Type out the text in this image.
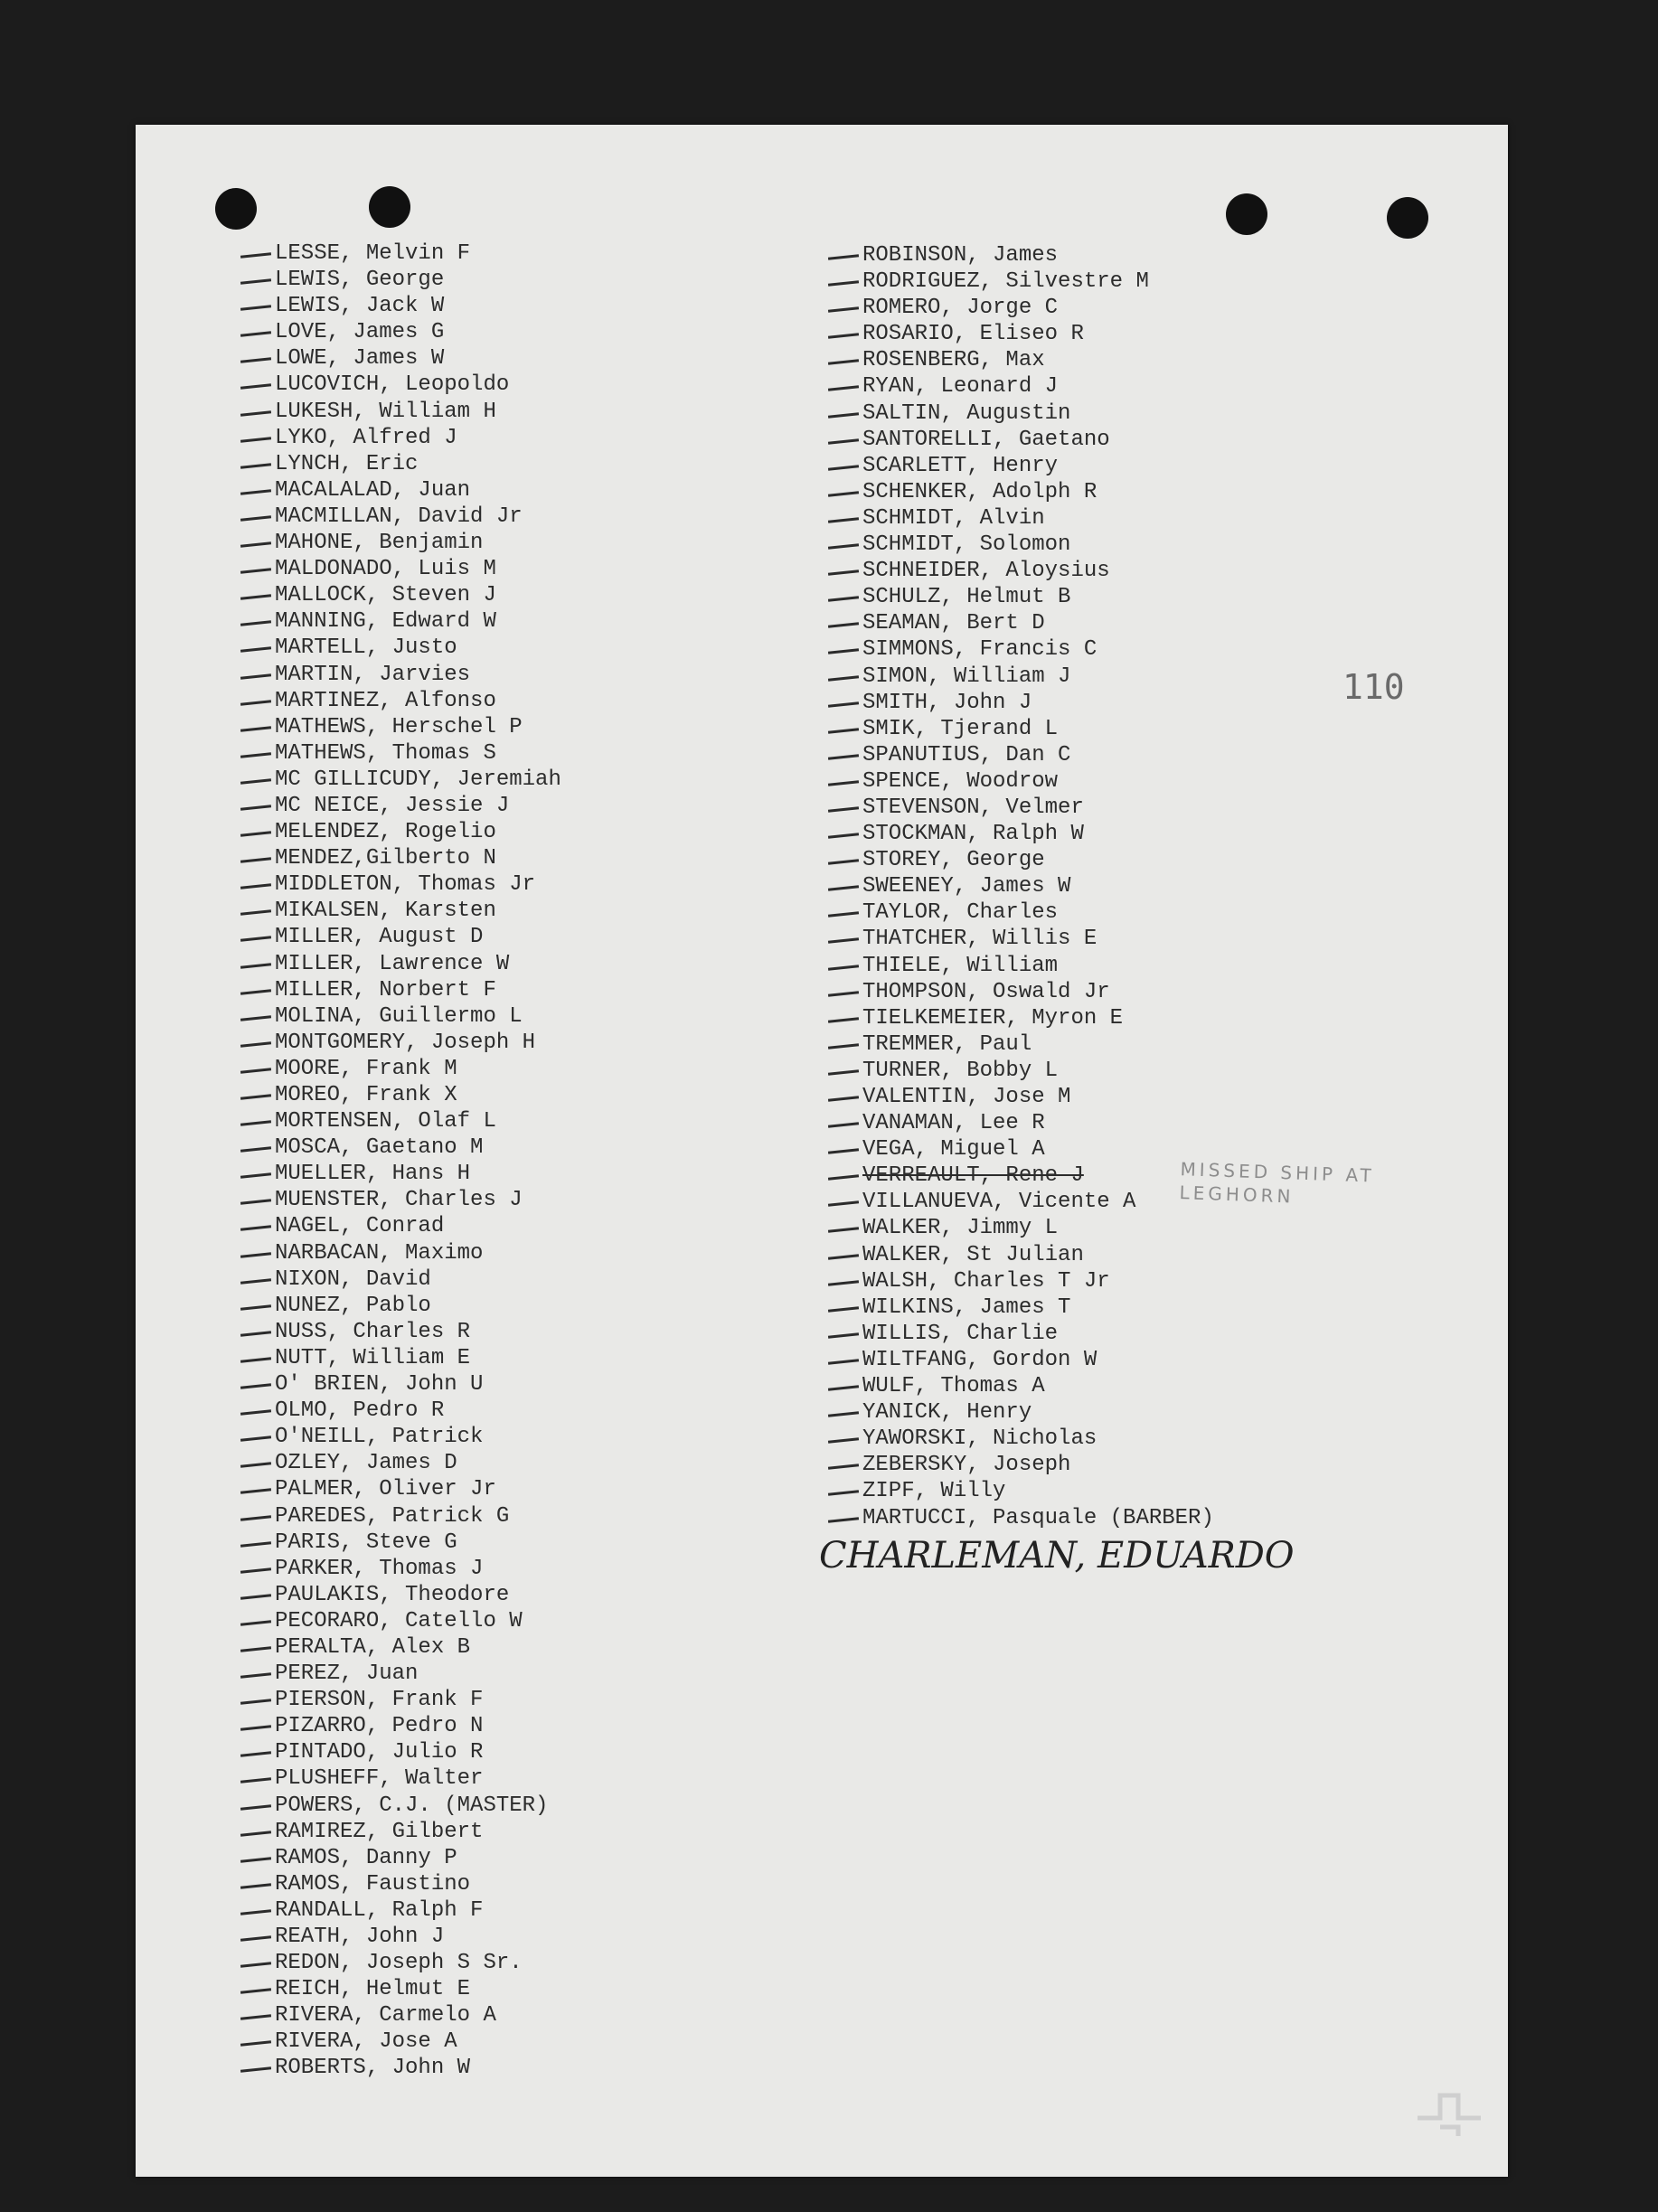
LESSE, Melvin F
LEWIS, George
LEWIS, Jack W
LOVE, James G
LOWE, James W
LUCOVICH, Leopoldo
LUKESH, William H
LYKO, Alfred J
LYNCH, Eric
MACALALAD, Juan
MACMILLAN, David Jr
MAHONE, Benjamin
MALDONADO, Luis M
MALLOCK, Steven J
MANNING, Edward W
MARTELL, Justo
MARTIN, Jarvies
MARTINEZ, Alfonso
MATHEWS, Herschel P
MATHEWS, Thomas S
MC GILLICUDY, Jeremiah
MC NEICE, Jessie J
MELENDEZ, Rogelio
MENDEZ,Gilberto N
MIDDLETON, Thomas Jr
MIKALSEN, Karsten
MILLER, August D
MILLER, Lawrence W
MILLER, Norbert F
MOLINA, Guillermo L
MONTGOMERY, Joseph H
MOORE, Frank M
MOREO, Frank X
MORTENSEN, Olaf L
MOSCA, Gaetano M
MUELLER, Hans H
MUENSTER, Charles J
NAGEL, Conrad
NARBACAN, Maximo
NIXON, David
NUNEZ, Pablo
NUSS, Charles R
NUTT, William E
O' BRIEN, John U
OLMO, Pedro R
O'NEILL, Patrick
OZLEY, James D
PALMER, Oliver Jr
PAREDES, Patrick G
PARIS, Steve G
PARKER, Thomas J
PAULAKIS, Theodore
PECORARO, Catello W
PERALTA, Alex B
PEREZ, Juan
PIERSON, Frank F
PIZARRO, Pedro N
PINTADO, Julio R
PLUSHEFF, Walter
POWERS, C.J. (MASTER)
RAMIREZ, Gilbert
RAMOS, Danny P
RAMOS, Faustino
RANDALL, Ralph F
REATH, John J
REDON, Joseph S Sr.
REICH, Helmut E
RIVERA, Carmelo A
RIVERA, Jose A
ROBERTS, John W
ROBINSON, James
RODRIGUEZ, Silvestre M
ROMERO, Jorge C
ROSARIO, Eliseo R
ROSENBERG, Max
RYAN, Leonard J
SALTIN, Augustin
SANTORELLI, Gaetano
SCARLETT, Henry
SCHENKER, Adolph R
SCHMIDT, Alvin
SCHMIDT, Solomon
SCHNEIDER, Aloysius
SCHULZ, Helmut B
SEAMAN, Bert D
SIMMONS, Francis C
SIMON, William J
SMITH, John J
SMIK, Tjerand L
SPANUTIUS, Dan C
SPENCE, Woodrow
STEVENSON, Velmer
STOCKMAN, Ralph W
STOREY, George
SWEENEY, James W
TAYLOR, Charles
THATCHER, Willis E
THIELE, William
THOMPSON, Oswald Jr
TIELKEMEIER, Myron E
TREMMER, Paul
TURNER, Bobby L
VALENTIN, Jose M
VANAMAN, Lee R
VEGA, Miguel A
VERREAULT, Rene J
VILLANUEVA, Vicente A
WALKER, Jimmy L
WALKER, St Julian
WALSH, Charles T Jr
WILKINS, James T
WILLIS, Charlie
WILTFANG, Gordon W
WULF, Thomas A
YANICK, Henry
YAWORSKI, Nicholas
ZEBERSKY, Joseph
ZIPF, Willy
MARTUCCI, Pasquale (BARBER)
110
MISSED SHIP AT LEGHORN
CHARLEMAN, EDUARDO
